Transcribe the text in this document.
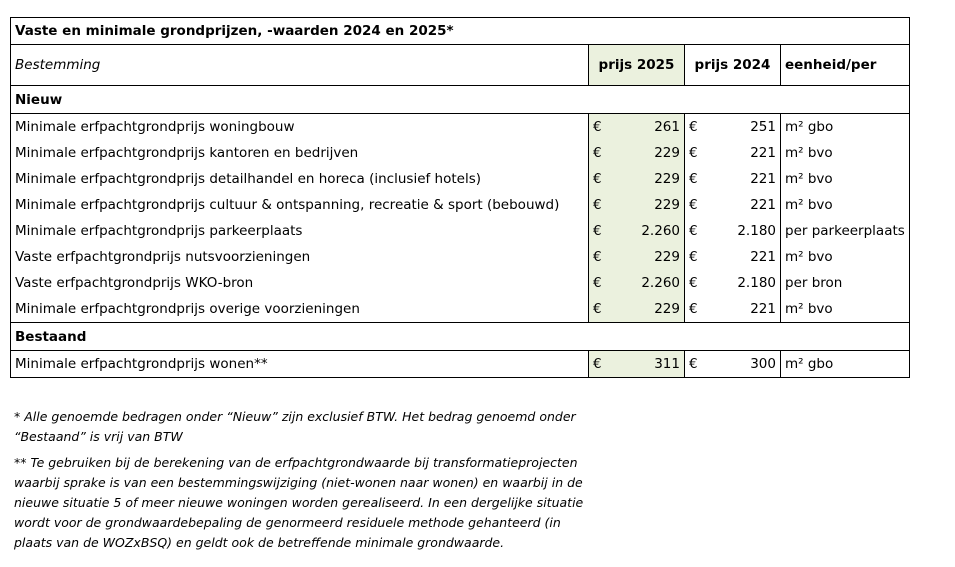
Vaste en minimale grondprijzen, -waarden 2024 en 2025*					
Bestemming	prijs 2025		prijs 2024		eenheid/per
Nieuw					
Minimale erfpachtgrondprijs woningbouw	€	261	€	251	m² gbo
Minimale erfpachtgrondprijs kantoren en bedrijven	€	229	€	221	m² bvo
Minimale erfpachtgrondprijs detailhandel en horeca (inclusief hotels)	€	229	€	221	m² bvo
Minimale erfpachtgrondprijs cultuur & ontspanning, recreatie & sport (bebouwd)	€	229	€	221	m² bvo
Minimale erfpachtgrondprijs parkeerplaats	€	2.260	€	2.180	per parkeerplaats
Vaste erfpachtgrondprijs nutsvoorzieningen	€	229	€	221	m² bvo
Vaste erfpachtgrondprijs WKO-bron	€	2.260	€	2.180	per bron
Minimale erfpachtgrondprijs overige voorzieningen	€	229	€	221	m² bvo
Bestaand					
Minimale erfpachtgrondprijs wonen**	€	311	€	300	m² gbo

* Alle genoemde bedragen onder “Nieuw” zijn exclusief BTW. Het bedrag genoemd onder “Bestaand” is vrij van BTW

** Te gebruiken bij de berekening van de erfpachtgrondwaarde bij transformatieprojecten waarbij sprake is van een bestemmingswijziging (niet-wonen naar wonen) en waarbij in de nieuwe situatie 5 of meer nieuwe woningen worden gerealiseerd. In een dergelijke situatie wordt voor de grondwaardebepaling de genormeerd residuele methode gehanteerd (in plaats van de WOZxBSQ) en geldt ook de betreffende minimale grondwaarde.
